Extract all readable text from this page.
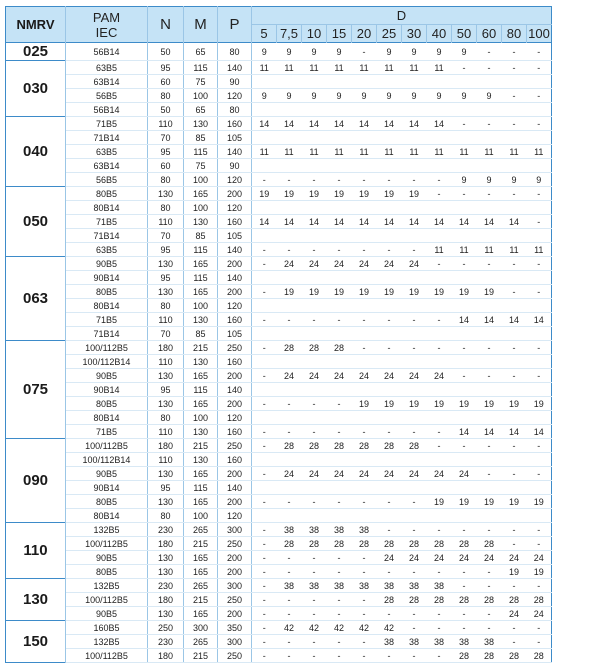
NMRV	PAM
IEC	N	M	P	D											
					5	7,5	10	15	20	25	30	40	50	60	80	100
025	56B14	50	65	80	9	9	9	9	-	9	9	9	9	-	-	-
030	63B5	95	115	140	11	11	11	11	11	11	11	11	-	-	-	-
	63B14	60	75	90												
	56B5	80	100	120	9	9	9	9	9	9	9	9	9	9	-	-
	56B14	50	65	80												
040	71B5	110	130	160	14	14	14	14	14	14	14	14	-	-	-	-
	71B14	70	85	105												
	63B5	95	115	140	11	11	11	11	11	11	11	11	11	11	11	11
	63B14	60	75	90												
	56B5	80	100	120	-	-	-	-	-	-	-	-	9	9	9	9
050	80B5	130	165	200	19	19	19	19	19	19	19	-	-	-	-	-
	80B14	80	100	120												
	71B5	110	130	160	14	14	14	14	14	14	14	14	14	14	14	-
	71B14	70	85	105												
	63B5	95	115	140	-	-	-	-	-	-	-	11	11	11	11	11
063	90B5	130	165	200	-	24	24	24	24	24	24	-	-	-	-	-
	90B14	95	115	140												
	80B5	130	165	200	-	19	19	19	19	19	19	19	19	19	-	-
	80B14	80	100	120												
	71B5	110	130	160	-	-	-	-	-	-	-	-	14	14	14	14
	71B14	70	85	105												
075	100/112B5	180	215	250	-	28	28	28	-	-	-	-	-	-	-	-
	100/112B14	110	130	160												
	90B5	130	165	200	-	24	24	24	24	24	24	24	-	-	-	-
	90B14	95	115	140												
	80B5	130	165	200	-	-	-	-	19	19	19	19	19	19	19	19
	80B14	80	100	120												
	71B5	110	130	160	-	-	-	-	-	-	-	-	14	14	14	14
090	100/112B5	180	215	250	-	28	28	28	28	28	28	-	-	-	-	-
	100/112B14	110	130	160												
	90B5	130	165	200	-	24	24	24	24	24	24	24	24	-	-	-
	90B14	95	115	140												
	80B5	130	165	200	-	-	-	-	-	-	-	19	19	19	19	19
	80B14	80	100	120												
110	132B5	230	265	300	-	38	38	38	38	-	-	-	-	-	-	-
	100/112B5	180	215	250	-	28	28	28	28	28	28	28	28	28	-	-
	90B5	130	165	200	-	-	-	-	-	24	24	24	24	24	24	24
	80B5	130	165	200	-	-	-	-	-	-	-	-	-	-	19	19
130	132B5	230	265	300	-	38	38	38	38	38	38	38	-	-	-	-
	100/112B5	180	215	250	-	-	-	-	-	28	28	28	28	28	28	28
	90B5	130	165	200	-	-	-	-	-	-	-	-	-	-	24	24
150	160B5	250	300	350	-	42	42	42	42	42	-	-	-	-	-	-
	132B5	230	265	300	-	-	-	-	-	38	38	38	38	38	-	-
	100/112B5	180	215	250	-	-	-	-	-	-	-	-	28	28	28	28
